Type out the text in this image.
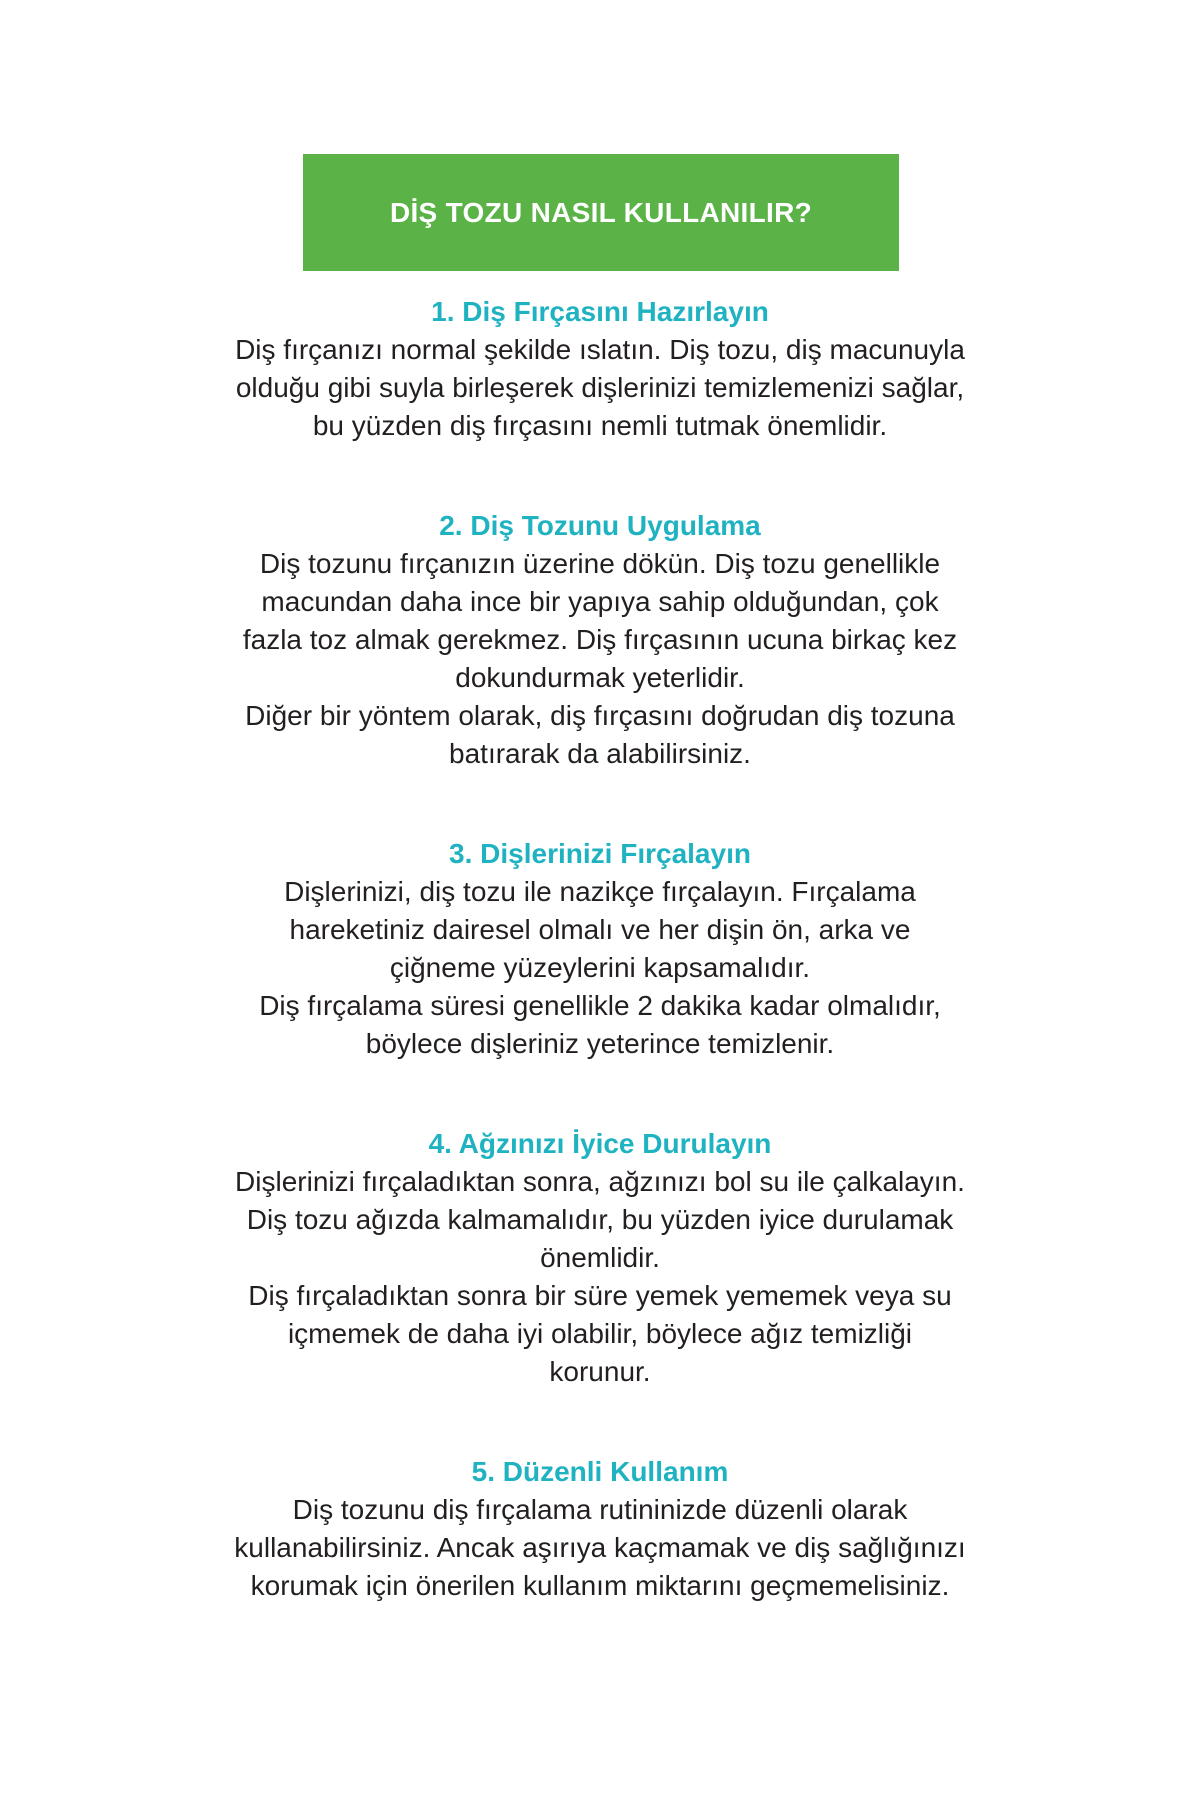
DİŞ TOZU NASIL KULLANILIR?

1. Diş Fırçasını Hazırlayın

Diş fırçanızı normal şekilde ıslatın. Diş tozu, diş macunuyla
olduğu gibi suyla birleşerek dişlerinizi temizlemenizi sağlar,
bu yüzden diş fırçasını nemli tutmak önemlidir.

2. Diş Tozunu Uygulama

Diş tozunu fırçanızın üzerine dökün. Diş tozu genellikle
macundan daha ince bir yapıya sahip olduğundan, çok
fazla toz almak gerekmez. Diş fırçasının ucuna birkaç kez
dokundurmak yeterlidir.
Diğer bir yöntem olarak, diş fırçasını doğrudan diş tozuna
batırarak da alabilirsiniz.

3. Dişlerinizi Fırçalayın

Dişlerinizi, diş tozu ile nazikçe fırçalayın. Fırçalama
hareketiniz dairesel olmalı ve her dişin ön, arka ve
çiğneme yüzeylerini kapsamalıdır.
Diş fırçalama süresi genellikle 2 dakika kadar olmalıdır,
böylece dişleriniz yeterince temizlenir.

4. Ağzınızı İyice Durulayın

Dişlerinizi fırçaladıktan sonra, ağzınızı bol su ile çalkalayın.
Diş tozu ağızda kalmamalıdır, bu yüzden iyice durulamak
önemlidir.
Diş fırçaladıktan sonra bir süre yemek yememek veya su
içmemek de daha iyi olabilir, böylece ağız temizliği
korunur.

5. Düzenli Kullanım

Diş tozunu diş fırçalama rutininizde düzenli olarak
kullanabilirsiniz. Ancak aşırıya kaçmamak ve diş sağlığınızı
korumak için önerilen kullanım miktarını geçmemelisiniz.
